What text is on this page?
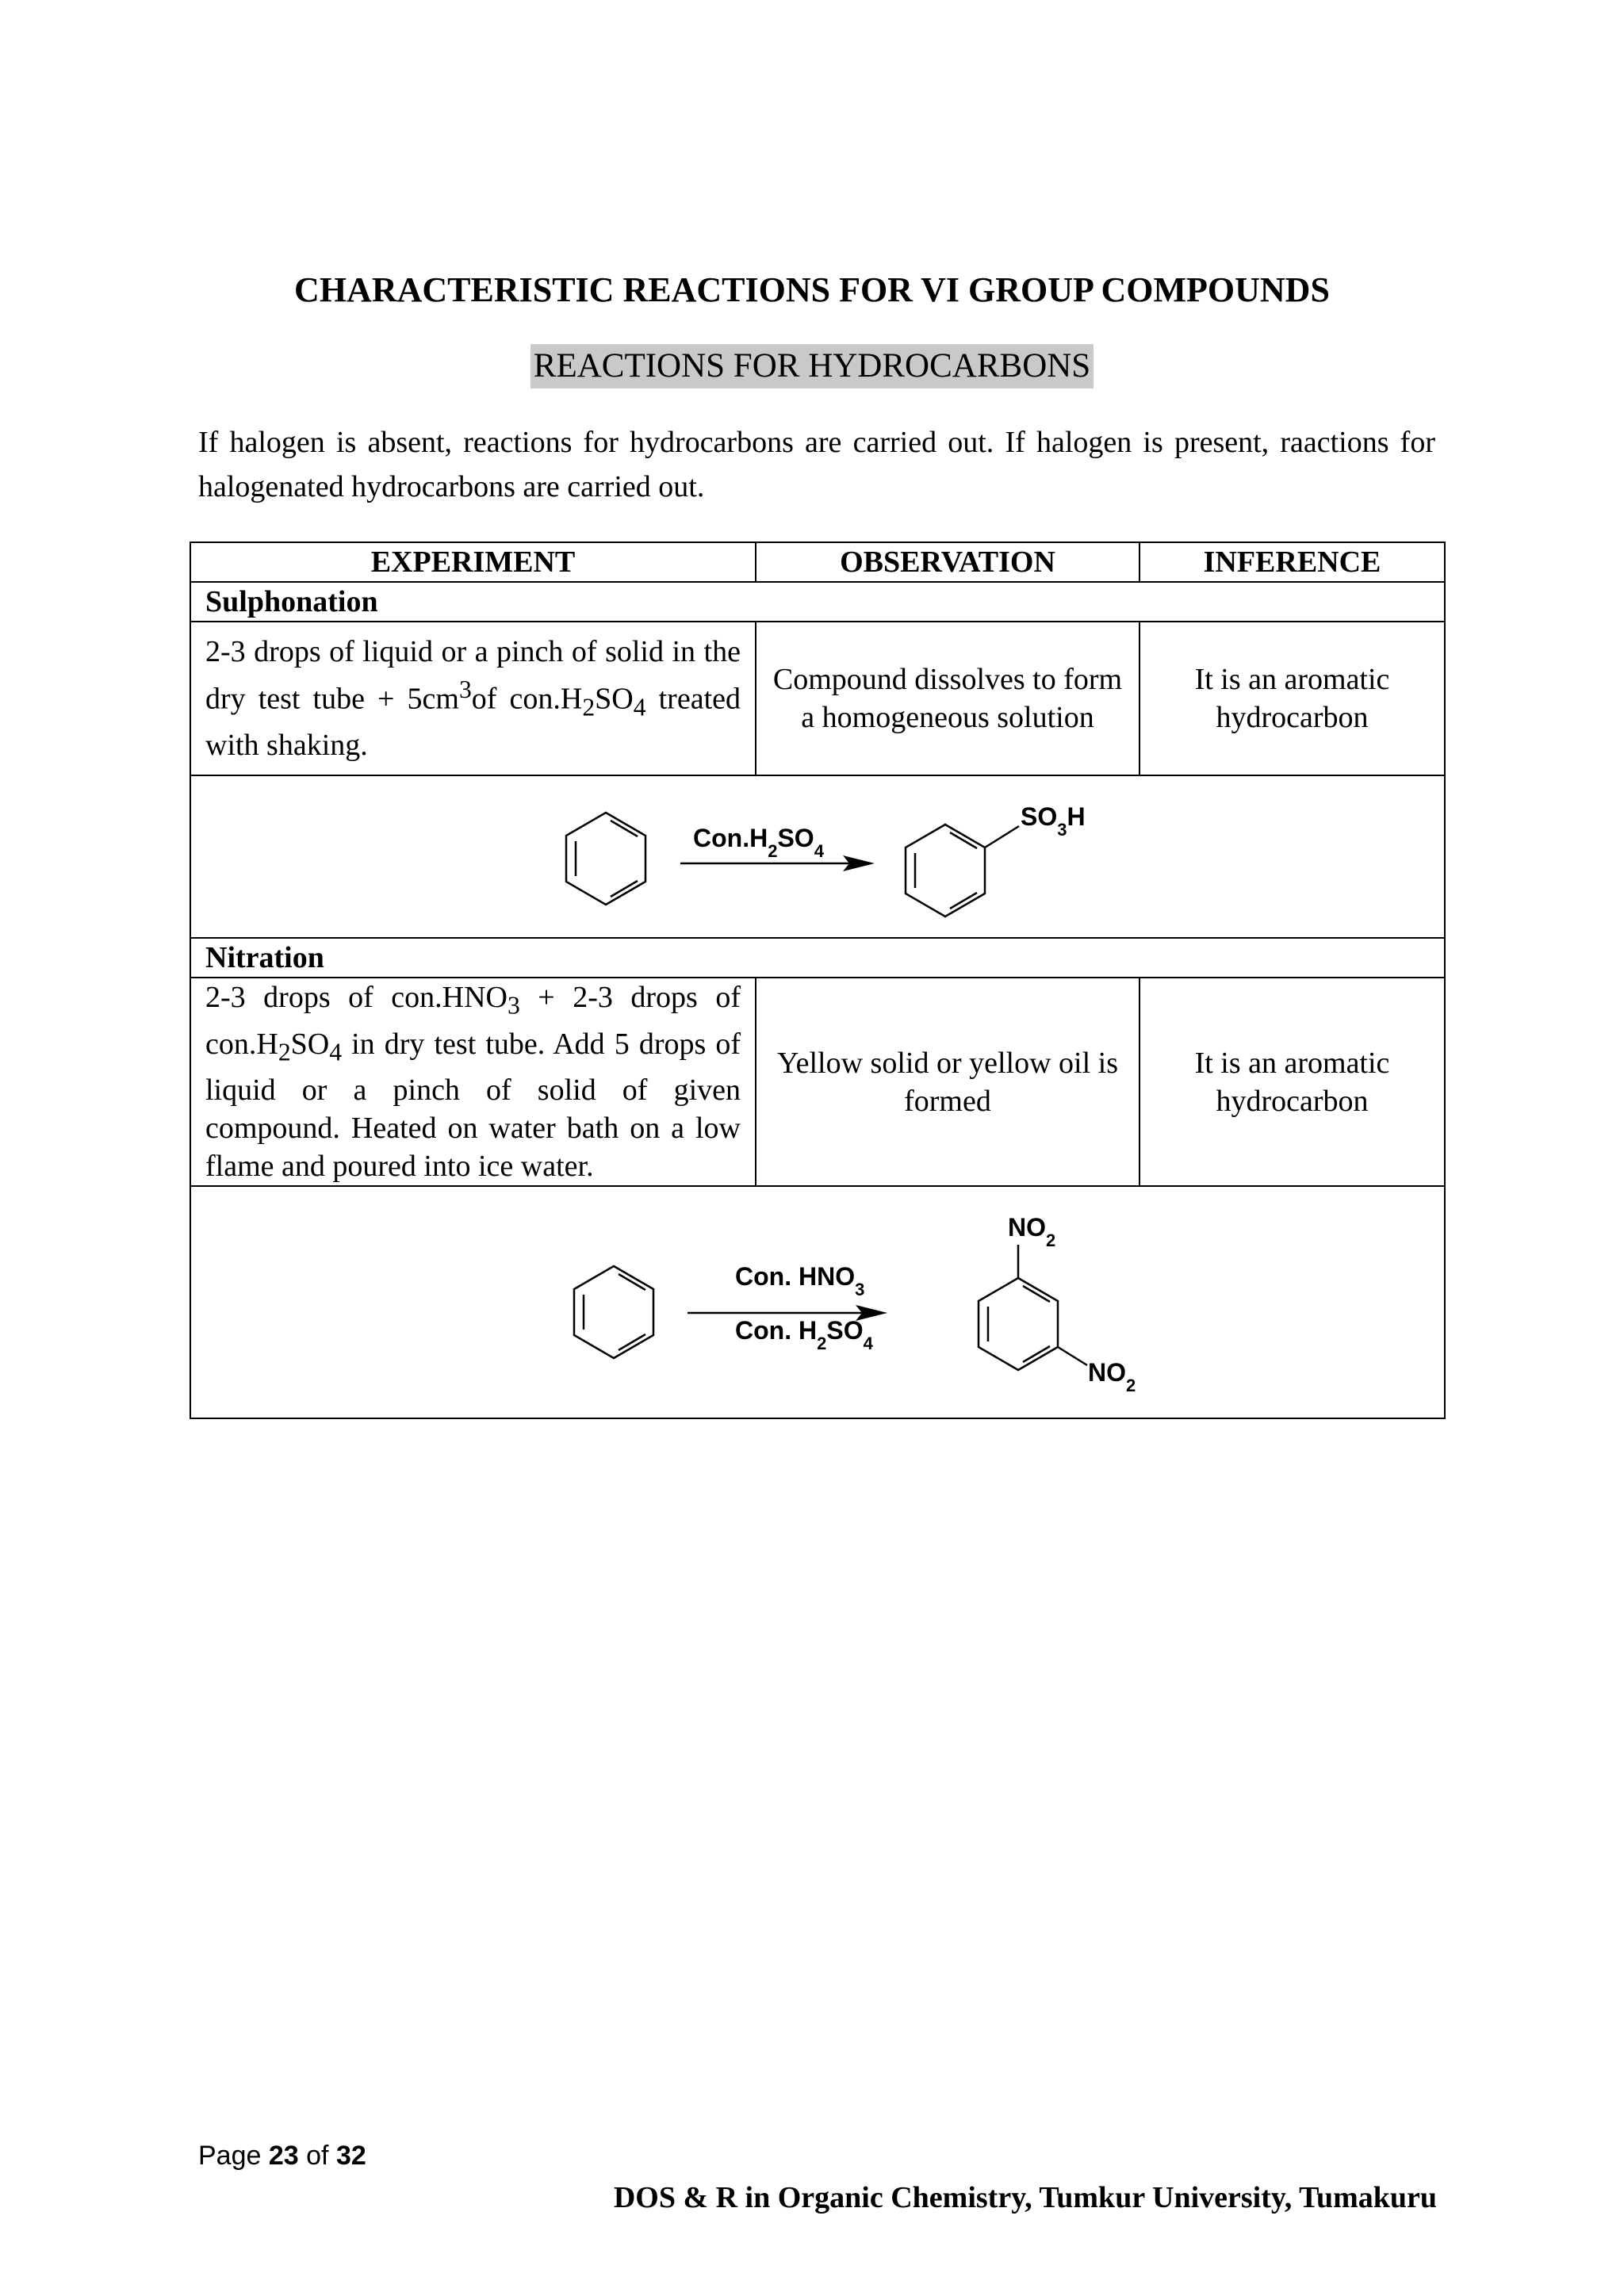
CHARACTERISTIC REACTIONS FOR VI GROUP COMPOUNDS
REACTIONS FOR HYDROCARBONS

If halogen is absent, reactions for hydrocarbons are carried out. If halogen is present, raactions for halogenated hydrocarbons are carried out.

EXPERIMENT	OBSERVATION	INFERENCE
Sulphonation		
2-3 drops of liquid or a pinch of solid in the dry test tube + $5cm^3of$ $con.H_2SO_4$ treated with shaking.	Compound dissolves to form a homogeneous solution	It is an aromatic hydrocarbon

$Con.H_2SO_4$
$SO_3H$		

Nitration		
2-3 drops of $con.HNO_3 + 2-3$ drops of $con.H_2SO_4$ in dry test tube. Add 5 drops of liquid or a pinch of solid of given compound. Heated on water bath on a low flame and poured into ice water.	Yellow solid or yellow oil is formed	It is an aromatic hydrocarbon

Con. $HNO_3$
Con. $H_2SO_4$
$NO_2$
$NO_2$
Page 23 of 32
DOS & R in Organic Chemistry, Tumkur University, Tumakuru
